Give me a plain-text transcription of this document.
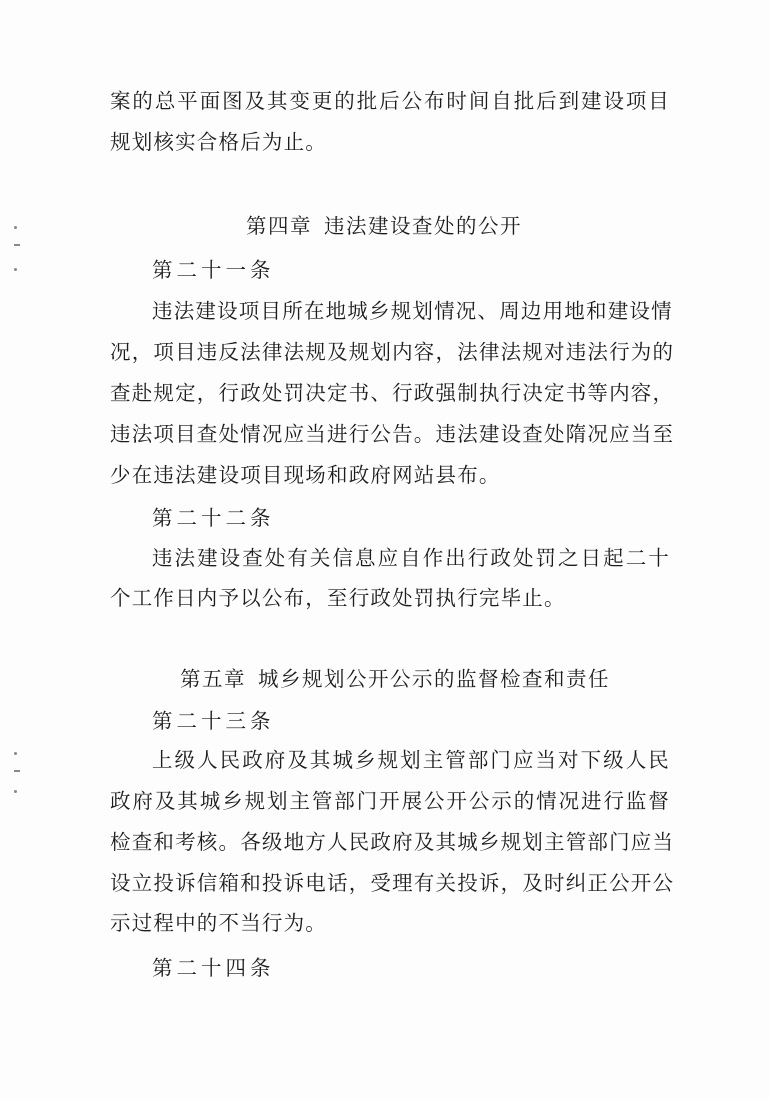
案的总平面图及其变更的批后公布时间自批后到建设项目
规划核实合格后为止。
第四章 违法建设查处的公开
第二十一条
违法建设项目所在地城乡规划情况、周边用地和建设情
况，项目违反法律法规及规划内容，法律法规对违法行为的
查赴规定，行政处罚决定书、行政强制执行决定书等内容，
违法项目查处情况应当进行公告。违法建设查处隋况应当至
少在违法建设项目现场和政府网站县布。
第二十二条
违法建设查处有关信息应自作出行政处罚之日起二十
个工作日内予以公布，至行政处罚执行完毕止。
第五章 城乡规划公开公示的监督检查和责任
第二十三条
上级人民政府及其城乡规划主管部门应当对下级人民
政府及其城乡规划主管部门开展公开公示的情况进行监督
检查和考核。各级地方人民政府及其城乡规划主管部门应当
设立投诉信箱和投诉电话，受理有关投诉，及时纠正公开公
示过程中的不当行为。
第二十四条
